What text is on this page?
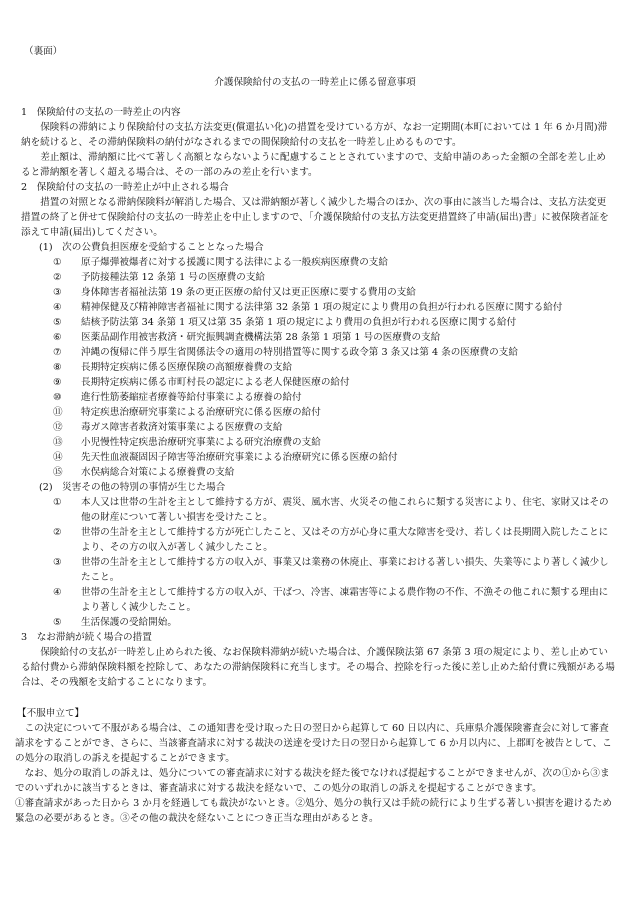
（裏面）
介護保険給付の支払の一時差止に係る留意事項
1　保険給付の支払の一時差止の内容
保険料の滞納により保険給付の支払方法変更(償還払い化)の措置を受けている方が、なお一定期間(本町においては 1 年 6 か月間)滞納を続けると、その滞納保険料の納付がなされるまでの間保険給付の支払を一時差し止めるものです。
差止額は、滞納額に比べて著しく高額とならないように配慮することとされていますので、支給申請のあった金額の全部を差し止めると滞納額を著しく超える場合は、その一部のみの差止を行います。
2　保険給付の支払の一時差止が中止される場合
措置の対照となる滞納保険料が解消した場合、又は滞納額が著しく減少した場合のほか、次の事由に該当した場合は、支払方法変更措置の終了と併せて保険給付の支払の一時差止を中止しますので、「介護保険給付の支払方法変更措置終了申請(届出)書」に被保険者証を添えて申請(届出)してください。
(1)　次の公費負担医療を受給することとなった場合
①	原子爆弾被爆者に対する援護に関する法律による一般疾病医療費の支給
②	予防接種法第 12 条第 1 号の医療費の支給
③	身体障害者福祉法第 19 条の更正医療の給付又は更正医療に要する費用の支給
④	精神保健及び精神障害者福祉に関する法律第 32 条第 1 項の規定により費用の負担が行われる医療に関する給付
⑤	結核予防法第 34 条第 1 項又は第 35 条第 1 項の規定により費用の負担が行われる医療に関する給付
⑥	医薬品副作用被害救済・研究振興調査機構法第 28 条第 1 項第 1 号の医療費の支給
⑦	沖縄の復帰に伴う厚生省関係法令の適用の特別措置等に関する政令第 3 条又は第 4 条の医療費の支給
⑧	長期特定疾病に係る医療保険の高額療養費の支給
⑨	長期特定疾病に係る市町村長の認定による老人保健医療の給付
⑩	進行性筋萎縮症者療養等給付事業による療養の給付
⑪	特定疾患治療研究事業による治療研究に係る医療の給付
⑫	毒ガス障害者救済対策事業による医療費の支給
⑬	小児慢性特定疾患治療研究事業による研究治療費の支給
⑭	先天性血液凝固因子障害等治療研究事業による治療研究に係る医療の給付
⑮	水俣病総合対策による療養費の支給
(2)　災害その他の特別の事情が生じた場合
①	本人又は世帯の生計を主として維持する方が、震災、風水害、火災その他これらに類する災害により、住宅、家財又はその他の財産について著しい損害を受けたこと。
②	世帯の生計を主として維持する方が死亡したこと、又はその方が心身に重大な障害を受け、若しくは長期間入院したことにより、その方の収入が著しく減少したこと。
③	世帯の生計を主として維持する方の収入が、事業又は業務の休廃止、事業における著しい損失、失業等により著しく減少したこと。
④	世帯の生計を主として維持する方の収入が、干ばつ、冷害、凍霜害等による農作物の不作、不漁その他これに類する理由により著しく減少したこと。
⑤	生活保護の受給開始。
3　なお滞納が続く場合の措置
保険給付の支払が一時差し止められた後、なお保険料滞納が続いた場合は、介護保険法第 67 条第 3 項の規定により、差し止めている給付費から滞納保険料額を控除して、あなたの滞納保険料に充当します。その場合、控除を行った後に差し止めた給付費に残額がある場合は、その残額を支給することになります。
【不服申立て】

この決定について不服がある場合は、この通知書を受け取った日の翌日から起算して 60 日以内に、兵庫県介護保険審査会に対して審査請求をすることができ、さらに、当該審査請求に対する裁決の送達を受けた日の翌日から起算して 6 か月以内に、上郡町を被告として、この処分の取消しの訴えを提起することができます。

なお、処分の取消しの訴えは、処分についての審査請求に対する裁決を経た後でなければ提起することができませんが、次の①から③までのいずれかに該当するときは、審査請求に対する裁決を経ないで、この処分の取消しの訴えを提起することができます。

①審査請求があった日から 3 か月を経過しても裁決がないとき。②処分、処分の執行又は手続の続行により生ずる著しい損害を避けるため緊急の必要があるとき。③その他の裁決を経ないことにつき正当な理由があるとき。
